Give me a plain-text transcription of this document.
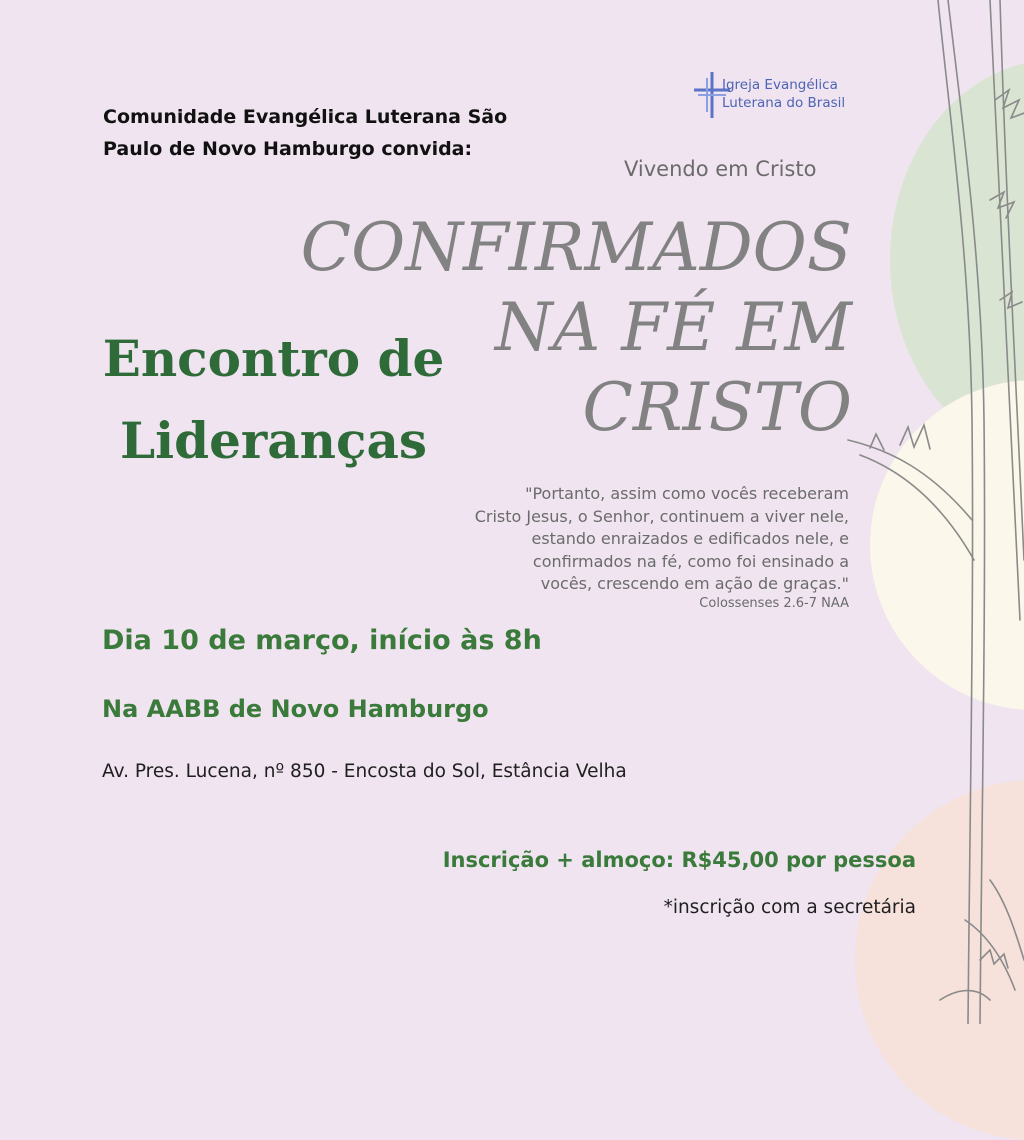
Comunidade Evangélica Luterana São
Paulo de Novo Hamburgo convida:
Igreja Evangélica
Luterana do Brasil
Vivendo em Cristo
CONFIRMADOS
NA FÉ EM
CRISTO
Encontro de
Lideranças
"Portanto, assim como vocês receberam
Cristo Jesus, o Senhor, continuem a viver nele,
estando enraizados e edificados nele, e
confirmados na fé, como foi ensinado a
vocês, crescendo em ação de graças."
Colossenses 2.6-7 NAA
Dia 10 de março, início às 8h
Na AABB de Novo Hamburgo
Av. Pres. Lucena, nº 850 - Encosta do Sol, Estância Velha
Inscrição + almoço: R$45,00 por pessoa
*inscrição com a secretária
